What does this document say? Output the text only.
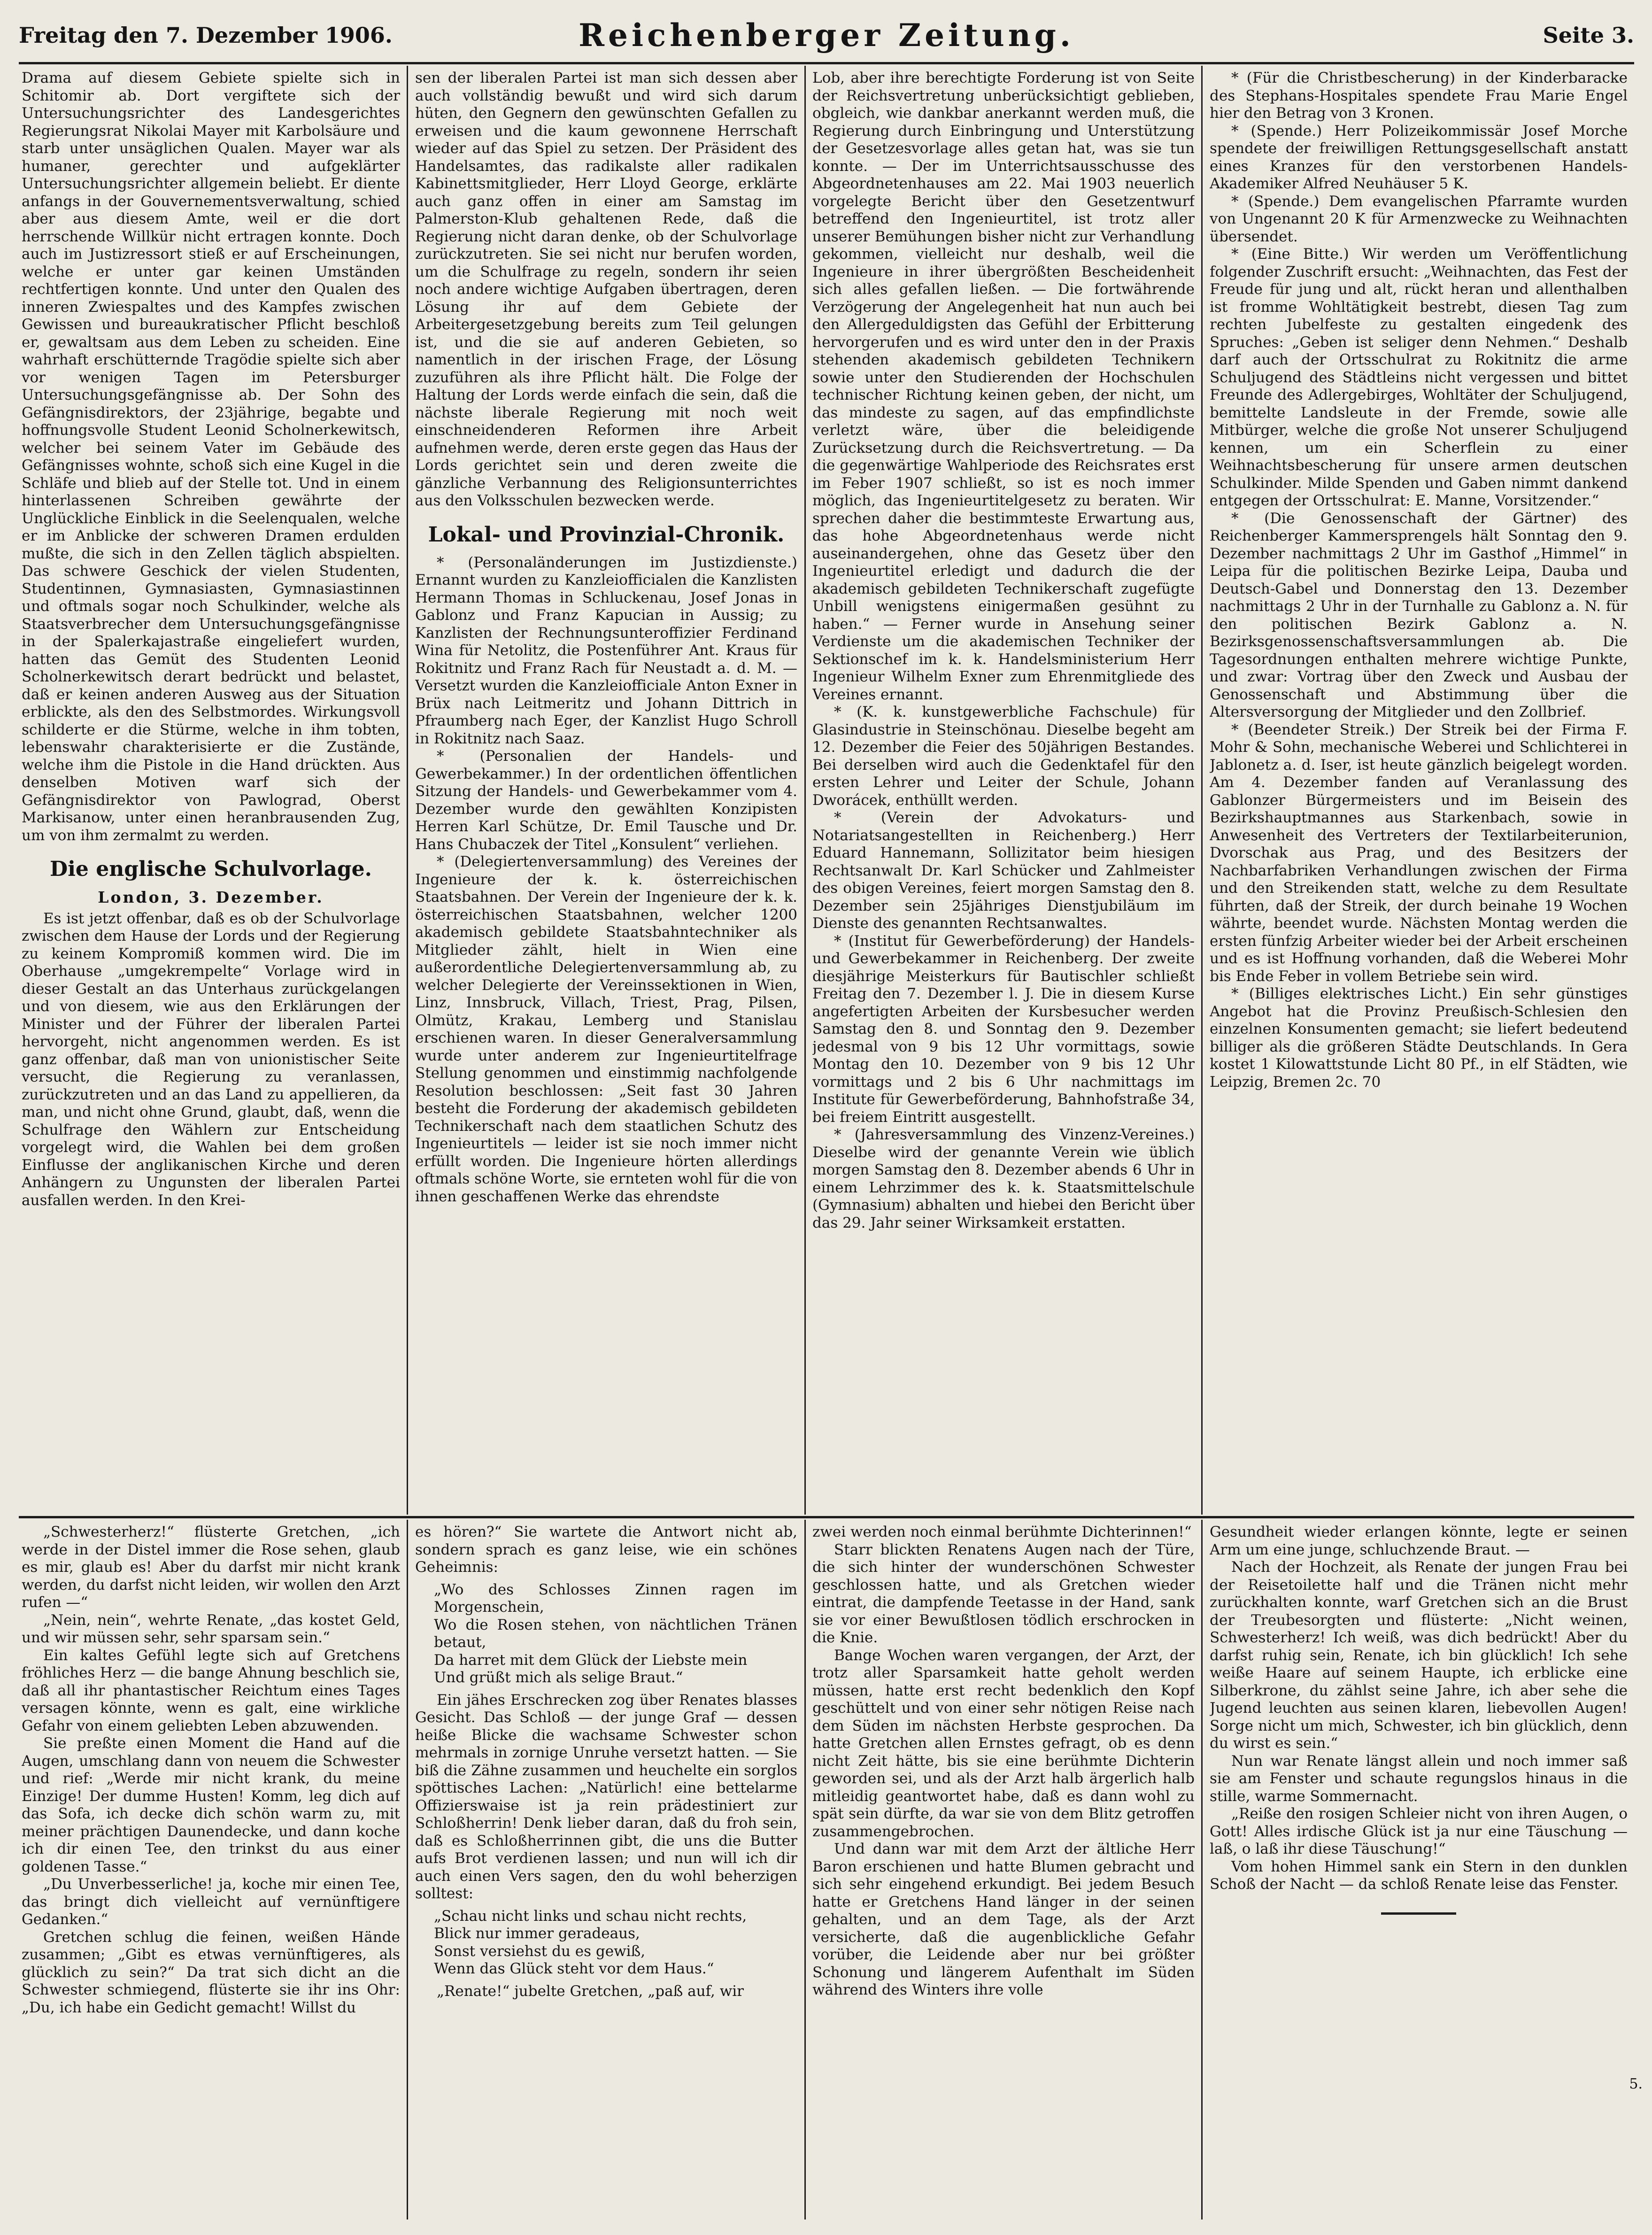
Freitag den 7. Dezember 1906.	Reichenberger Zeitung.	Seite 3.

Drama auf diesem Gebiete spielte sich in Schitomir ab. Dort vergiftete sich der Untersuchungsrichter des Landesgerichtes Regierungsrat Nikolai Mayer mit Karbolsäure und starb unter unsäglichen Qualen. Mayer war als humaner, gerechter und aufgeklärter Untersuchungsrichter allgemein beliebt. Er diente anfangs in der Gouvernementsverwaltung, schied aber aus diesem Amte, weil er die dort herrschende Willkür nicht ertragen konnte. Doch auch im Justizressort stieß er auf Erscheinungen, welche er unter gar keinen Umständen rechtfertigen konnte. Und unter den Qualen des inneren Zwiespaltes und des Kampfes zwischen Gewissen und bureaukratischer Pflicht beschloß er, gewaltsam aus dem Leben zu scheiden. Eine wahrhaft erschütternde Tragödie spielte sich aber vor wenigen Tagen im Petersburger Untersuchungsgefängnisse ab. Der Sohn des Gefängnisdirektors, der 23jährige, begabte und hoffnungsvolle Student Leonid Scholnerkewitsch, welcher bei seinem Vater im Gebäude des Gefängnisses wohnte, schoß sich eine Kugel in die Schläfe und blieb auf der Stelle tot. Und in einem hinterlassenen Schreiben gewährte der Unglückliche Einblick in die Seelenqualen, welche er im Anblicke der schweren Dramen erdulden mußte, die sich in den Zellen täglich abspielten. Das schwere Geschick der vielen Studenten, Studentinnen, Gymnasiasten, Gymnasiastinnen und oftmals sogar noch Schulkinder, welche als Staatsverbrecher dem Untersuchungsgefängnisse in der Spalerkajastraße eingeliefert wurden, hatten das Gemüt des Studenten Leonid Scholnerkewitsch derart bedrückt und belastet, daß er keinen anderen Ausweg aus der Situation erblickte, als den des Selbstmordes. Wirkungsvoll schilderte er die Stürme, welche in ihm tobten, lebenswahr charakterisierte er die Zustände, welche ihm die Pistole in die Hand drückten. Aus denselben Motiven warf sich der Gefängnisdirektor von Pawlograd, Oberst Markisanow, unter einen heranbrausenden Zug, um von ihm zermalmt zu werden.

Die englische Schulvorlage.

London, 3. Dezember.

Es ist jetzt offenbar, daß es ob der Schulvorlage zwischen dem Hause der Lords und der Regierung zu keinem Kompromiß kommen wird. Die im Oberhause „umgekrempelte“ Vorlage wird in dieser Gestalt an das Unterhaus zurückgelangen und von diesem, wie aus den Erklärungen der Minister und der Führer der liberalen Partei hervorgeht, nicht angenommen werden. Es ist ganz offenbar, daß man von unionistischer Seite versucht, die Regierung zu veranlassen, zurückzutreten und an das Land zu appellieren, da man, und nicht ohne Grund, glaubt, daß, wenn die Schulfrage den Wählern zur Entscheidung vorgelegt wird, die Wahlen bei dem großen Einflusse der anglikanischen Kirche und deren Anhängern zu Ungunsten der liberalen Partei ausfallen werden. In den Krei-

sen der liberalen Partei ist man sich dessen aber auch vollständig bewußt und wird sich darum hüten, den Gegnern den gewünschten Gefallen zu erweisen und die kaum gewonnene Herrschaft wieder auf das Spiel zu setzen. Der Präsident des Handelsamtes, das radikalste aller radikalen Kabinettsmitglieder, Herr Lloyd George, erklärte auch ganz offen in einer am Samstag im Palmerston-Klub gehaltenen Rede, daß die Regierung nicht daran denke, ob der Schulvorlage zurückzutreten. Sie sei nicht nur berufen worden, um die Schulfrage zu regeln, sondern ihr seien noch andere wichtige Aufgaben übertragen, deren Lösung ihr auf dem Gebiete der Arbeitergesetzgebung bereits zum Teil gelungen ist, und die sie auf anderen Gebieten, so namentlich in der irischen Frage, der Lösung zuzuführen als ihre Pflicht hält. Die Folge der Haltung der Lords werde einfach die sein, daß die nächste liberale Regierung mit noch weit einschneidenderen Reformen ihre Arbeit aufnehmen werde, deren erste gegen das Haus der Lords gerichtet sein und deren zweite die gänzliche Verbannung des Religionsunterrichtes aus den Volksschulen bezwecken werde.

Lokal- und Provinzial-Chronik.

* (Personaländerungen im Justizdienste.) Ernannt wurden zu Kanzleiofficialen die Kanzlisten Hermann Thomas in Schluckenau, Josef Jonas in Gablonz und Franz Kapucian in Aussig; zu Kanzlisten der Rechnungsunteroffizier Ferdinand Wina für Netolitz, die Postenführer Ant. Kraus für Rokitnitz und Franz Rach für Neustadt a. d. M. — Versetzt wurden die Kanzleiofficiale Anton Exner in Brüx nach Leitmeritz und Johann Dittrich in Pfraumberg nach Eger, der Kanzlist Hugo Schroll in Rokitnitz nach Saaz.

* (Personalien der Handels- und Gewerbekammer.) In der ordentlichen öffentlichen Sitzung der Handels- und Gewerbekammer vom 4. Dezember wurde den gewählten Konzipisten Herren Karl Schütze, Dr. Emil Tausche und Dr. Hans Chubaczek der Titel „Konsulent“ verliehen.

* (Delegiertenversammlung) des Vereines der Ingenieure der k. k. österreichischen Staatsbahnen. Der Verein der Ingenieure der k. k. österreichischen Staatsbahnen, welcher 1200 akademisch gebildete Staatsbahntechniker als Mitglieder zählt, hielt in Wien eine außerordentliche Delegiertenversammlung ab, zu welcher Delegierte der Vereinssektionen in Wien, Linz, Innsbruck, Villach, Triest, Prag, Pilsen, Olmütz, Krakau, Lemberg und Stanislau erschienen waren. In dieser Generalversammlung wurde unter anderem zur Ingenieurtitelfrage Stellung genommen und einstimmig nachfolgende Resolution beschlossen: „Seit fast 30 Jahren besteht die Forderung der akademisch gebildeten Technikerschaft nach dem staatlichen Schutz des Ingenieurtitels — leider ist sie noch immer nicht erfüllt worden. Die Ingenieure hörten allerdings oftmals schöne Worte, sie ernteten wohl für die von ihnen geschaffenen Werke das ehrendste

Lob, aber ihre berechtigte Forderung ist von Seite der Reichsvertretung unberücksichtigt geblieben, obgleich, wie dankbar anerkannt werden muß, die Regierung durch Einbringung und Unterstützung der Gesetzesvorlage alles getan hat, was sie tun konnte. — Der im Unterrichtsausschusse des Abgeordnetenhauses am 22. Mai 1903 neuerlich vorgelegte Bericht über den Gesetzentwurf betreffend den Ingenieurtitel, ist trotz aller unserer Bemühungen bisher nicht zur Verhandlung gekommen, vielleicht nur deshalb, weil die Ingenieure in ihrer übergrößten Bescheidenheit sich alles gefallen ließen. — Die fortwährende Verzögerung der Angelegenheit hat nun auch bei den Allergeduldigsten das Gefühl der Erbitterung hervorgerufen und es wird unter den in der Praxis stehenden akademisch gebildeten Technikern sowie unter den Studierenden der Hochschulen technischer Richtung keinen geben, der nicht, um das mindeste zu sagen, auf das empfindlichste verletzt wäre, über die beleidigende Zurücksetzung durch die Reichsvertretung. — Da die gegenwärtige Wahlperiode des Reichsrates erst im Feber 1907 schließt, so ist es noch immer möglich, das Ingenieurtitelgesetz zu beraten. Wir sprechen daher die bestimmteste Erwartung aus, das hohe Abgeordnetenhaus werde nicht auseinandergehen, ohne das Gesetz über den Ingenieurtitel erledigt und dadurch die der akademisch gebildeten Technikerschaft zugefügte Unbill wenigstens einigermaßen gesühnt zu haben.“ — Ferner wurde in Ansehung seiner Verdienste um die akademischen Techniker der Sektionschef im k. k. Handelsministerium Herr Ingenieur Wilhelm Exner zum Ehrenmitgliede des Vereines ernannt.

* (K. k. kunstgewerbliche Fachschule) für Glasindustrie in Steinschönau. Dieselbe begeht am 12. Dezember die Feier des 50jährigen Bestandes. Bei derselben wird auch die Gedenktafel für den ersten Lehrer und Leiter der Schule, Johann Dworácek, enthüllt werden.

* (Verein der Advokaturs- und Notariatsangestellten in Reichenberg.) Herr Eduard Hannemann, Sollizitator beim hiesigen Rechtsanwalt Dr. Karl Schücker und Zahlmeister des obigen Vereines, feiert morgen Samstag den 8. Dezember sein 25jähriges Dienstjubiläum im Dienste des genannten Rechtsanwaltes.

* (Institut für Gewerbeförderung) der Handels- und Gewerbekammer in Reichenberg. Der zweite diesjährige Meisterkurs für Bautischler schließt Freitag den 7. Dezember l. J. Die in diesem Kurse angefertigten Arbeiten der Kursbesucher werden Samstag den 8. und Sonntag den 9. Dezember jedesmal von 9 bis 12 Uhr vormittags, sowie Montag den 10. Dezember von 9 bis 12 Uhr vormittags und 2 bis 6 Uhr nachmittags im Institute für Gewerbeförderung, Bahnhofstraße 34, bei freiem Eintritt ausgestellt.

* (Jahresversammlung des Vinzenz-Vereines.) Dieselbe wird der genannte Verein wie üblich morgen Samstag den 8. Dezember abends 6 Uhr in einem Lehrzimmer des k. k. Staatsmittelschule (Gymnasium) abhalten und hiebei den Bericht über das 29. Jahr seiner Wirksamkeit erstatten.

* (Für die Christbescherung) in der Kinderbaracke des Stephans-Hospitales spendete Frau Marie Engel hier den Betrag von 3 Kronen.

* (Spende.) Herr Polizeikommissär Josef Morche spendete der freiwilligen Rettungsgesellschaft anstatt eines Kranzes für den verstorbenen Handels-Akademiker Alfred Neuhäuser 5 K.

* (Spende.) Dem evangelischen Pfarramte wurden von Ungenannt 20 K für Armenzwecke zu Weihnachten übersendet.

* (Eine Bitte.) Wir werden um Veröffentlichung folgender Zuschrift ersucht: „Weihnachten, das Fest der Freude für jung und alt, rückt heran und allenthalben ist fromme Wohltätigkeit bestrebt, diesen Tag zum rechten Jubelfeste zu gestalten eingedenk des Spruches: „Geben ist seliger denn Nehmen.“ Deshalb darf auch der Ortsschulrat zu Rokitnitz die arme Schuljugend des Städtleins nicht vergessen und bittet Freunde des Adlergebirges, Wohltäter der Schuljugend, bemittelte Landsleute in der Fremde, sowie alle Mitbürger, welche die große Not unserer Schuljugend kennen, um ein Scherflein zu einer Weihnachtsbescherung für unsere armen deutschen Schulkinder. Milde Spenden und Gaben nimmt dankend entgegen der Ortsschulrat: E. Manne, Vorsitzender.“

* (Die Genossenschaft der Gärtner) des Reichenberger Kammersprengels hält Sonntag den 9. Dezember nachmittags 2 Uhr im Gasthof „Himmel“ in Leipa für die politischen Bezirke Leipa, Dauba und Deutsch-Gabel und Donnerstag den 13. Dezember nachmittags 2 Uhr in der Turnhalle zu Gablonz a. N. für den politischen Bezirk Gablonz a. N. Bezirksgenossenschaftsversammlungen ab. Die Tagesordnungen enthalten mehrere wichtige Punkte, und zwar: Vortrag über den Zweck und Ausbau der Genossenschaft und Abstimmung über die Altersversorgung der Mitglieder und den Zollbrief.

* (Beendeter Streik.) Der Streik bei der Firma F. Mohr & Sohn, mechanische Weberei und Schlichterei in Jablonetz a. d. Iser, ist heute gänzlich beigelegt worden. Am 4. Dezember fanden auf Veranlassung des Gablonzer Bürgermeisters und im Beisein des Bezirkshauptmannes aus Starkenbach, sowie in Anwesenheit des Vertreters der Textilarbeiterunion, Dvorschak aus Prag, und des Besitzers der Nachbarfabriken Verhandlungen zwischen der Firma und den Streikenden statt, welche zu dem Resultate führten, daß der Streik, der durch beinahe 19 Wochen währte, beendet wurde. Nächsten Montag werden die ersten fünfzig Arbeiter wieder bei der Arbeit erscheinen und es ist Hoffnung vorhanden, daß die Weberei Mohr bis Ende Feber in vollem Betriebe sein wird.

* (Billiges elektrisches Licht.) Ein sehr günstiges Angebot hat die Provinz Preußisch-Schlesien den einzelnen Konsumenten gemacht; sie liefert bedeutend billiger als die größeren Städte Deutschlands. In Gera kostet 1 Kilowattstunde Licht 80 Pf., in elf Städten, wie Leipzig, Bremen 2c. 70

„Schwesterherz!“ flüsterte Gretchen, „ich werde in der Distel immer die Rose sehen, glaub es mir, glaub es! Aber du darfst mir nicht krank werden, du darfst nicht leiden, wir wollen den Arzt rufen —“

„Nein, nein“, wehrte Renate, „das kostet Geld, und wir müssen sehr, sehr sparsam sein.“

Ein kaltes Gefühl legte sich auf Gretchens fröhliches Herz — die bange Ahnung beschlich sie, daß all ihr phantastischer Reichtum eines Tages versagen könnte, wenn es galt, eine wirkliche Gefahr von einem geliebten Leben abzuwenden.

Sie preßte einen Moment die Hand auf die Augen, umschlang dann von neuem die Schwester und rief: „Werde mir nicht krank, du meine Einzige! Der dumme Husten! Komm, leg dich auf das Sofa, ich decke dich schön warm zu, mit meiner prächtigen Daunendecke, und dann koche ich dir einen Tee, den trinkst du aus einer goldenen Tasse.“

„Du Unverbesserliche! ja, koche mir einen Tee, das bringt dich vielleicht auf vernünftigere Gedanken.“

Gretchen schlug die feinen, weißen Hände zusammen; „Gibt es etwas vernünftigeres, als glücklich zu sein?“ Da trat sich dicht an die Schwester schmiegend, flüsterte sie ihr ins Ohr: „Du, ich habe ein Gedicht gemacht! Willst du

es hören?“ Sie wartete die Antwort nicht ab, sondern sprach es ganz leise, wie ein schönes Geheimnis:

„Wo des Schlosses Zinnen ragen im Morgenschein,

Wo die Rosen stehen, von nächtlichen Tränen betaut,

Da harret mit dem Glück der Liebste mein

Und grüßt mich als selige Braut.“

Ein jähes Erschrecken zog über Renates blasses Gesicht. Das Schloß — der junge Graf — dessen heiße Blicke die wachsame Schwester schon mehrmals in zornige Unruhe versetzt hatten. — Sie biß die Zähne zusammen und heuchelte ein sorglos spöttisches Lachen: „Natürlich! eine bettelarme Offizierswaise ist ja rein prädestiniert zur Schloßherrin! Denk lieber daran, daß du froh sein, daß es Schloßherrinnen gibt, die uns die Butter aufs Brot verdienen lassen; und nun will ich dir auch einen Vers sagen, den du wohl beherzigen solltest:

„Schau nicht links und schau nicht rechts,

Blick nur immer geradeaus,

Sonst versiehst du es gewiß,

Wenn das Glück steht vor dem Haus.“

„Renate!“ jubelte Gretchen, „paß auf, wir

zwei werden noch einmal berühmte Dichterinnen!“

Starr blickten Renatens Augen nach der Türe, die sich hinter der wunderschönen Schwester geschlossen hatte, und als Gretchen wieder eintrat, die dampfende Teetasse in der Hand, sank sie vor einer Bewußtlosen tödlich erschrocken in die Knie.

Bange Wochen waren vergangen, der Arzt, der trotz aller Sparsamkeit hatte geholt werden müssen, hatte erst recht bedenklich den Kopf geschüttelt und von einer sehr nötigen Reise nach dem Süden im nächsten Herbste gesprochen. Da hatte Gretchen allen Ernstes gefragt, ob es denn nicht Zeit hätte, bis sie eine berühmte Dichterin geworden sei, und als der Arzt halb ärgerlich halb mitleidig geantwortet habe, daß es dann wohl zu spät sein dürfte, da war sie von dem Blitz getroffen zusammengebrochen.

Und dann war mit dem Arzt der ältliche Herr Baron erschienen und hatte Blumen gebracht und sich sehr eingehend erkundigt. Bei jedem Besuch hatte er Gretchens Hand länger in der seinen gehalten, und an dem Tage, als der Arzt versicherte, daß die augenblickliche Gefahr vorüber, die Leidende aber nur bei größter Schonung und längerem Aufenthalt im Süden während des Winters ihre volle

Gesundheit wieder erlangen könnte, legte er seinen Arm um eine junge, schluchzende Braut. —

Nach der Hochzeit, als Renate der jungen Frau bei der Reisetoilette half und die Tränen nicht mehr zurückhalten konnte, warf Gretchen sich an die Brust der Treubesorgten und flüsterte: „Nicht weinen, Schwesterherz! Ich weiß, was dich bedrückt! Aber du darfst ruhig sein, Renate, ich bin glücklich! Ich sehe weiße Haare auf seinem Haupte, ich erblicke eine Silberkrone, du zählst seine Jahre, ich aber sehe die Jugend leuchten aus seinen klaren, liebevollen Augen! Sorge nicht um mich, Schwester, ich bin glücklich, denn du wirst es sein.“

Nun war Renate längst allein und noch immer saß sie am Fenster und schaute regungslos hinaus in die stille, warme Sommernacht.

„Reiße den rosigen Schleier nicht von ihren Augen, o Gott! Alles irdische Glück ist ja nur eine Täuschung — laß, o laß ihr diese Täuschung!“

Vom hohen Himmel sank ein Stern in den dunklen Schoß der Nacht — da schloß Renate leise das Fenster.

5.
